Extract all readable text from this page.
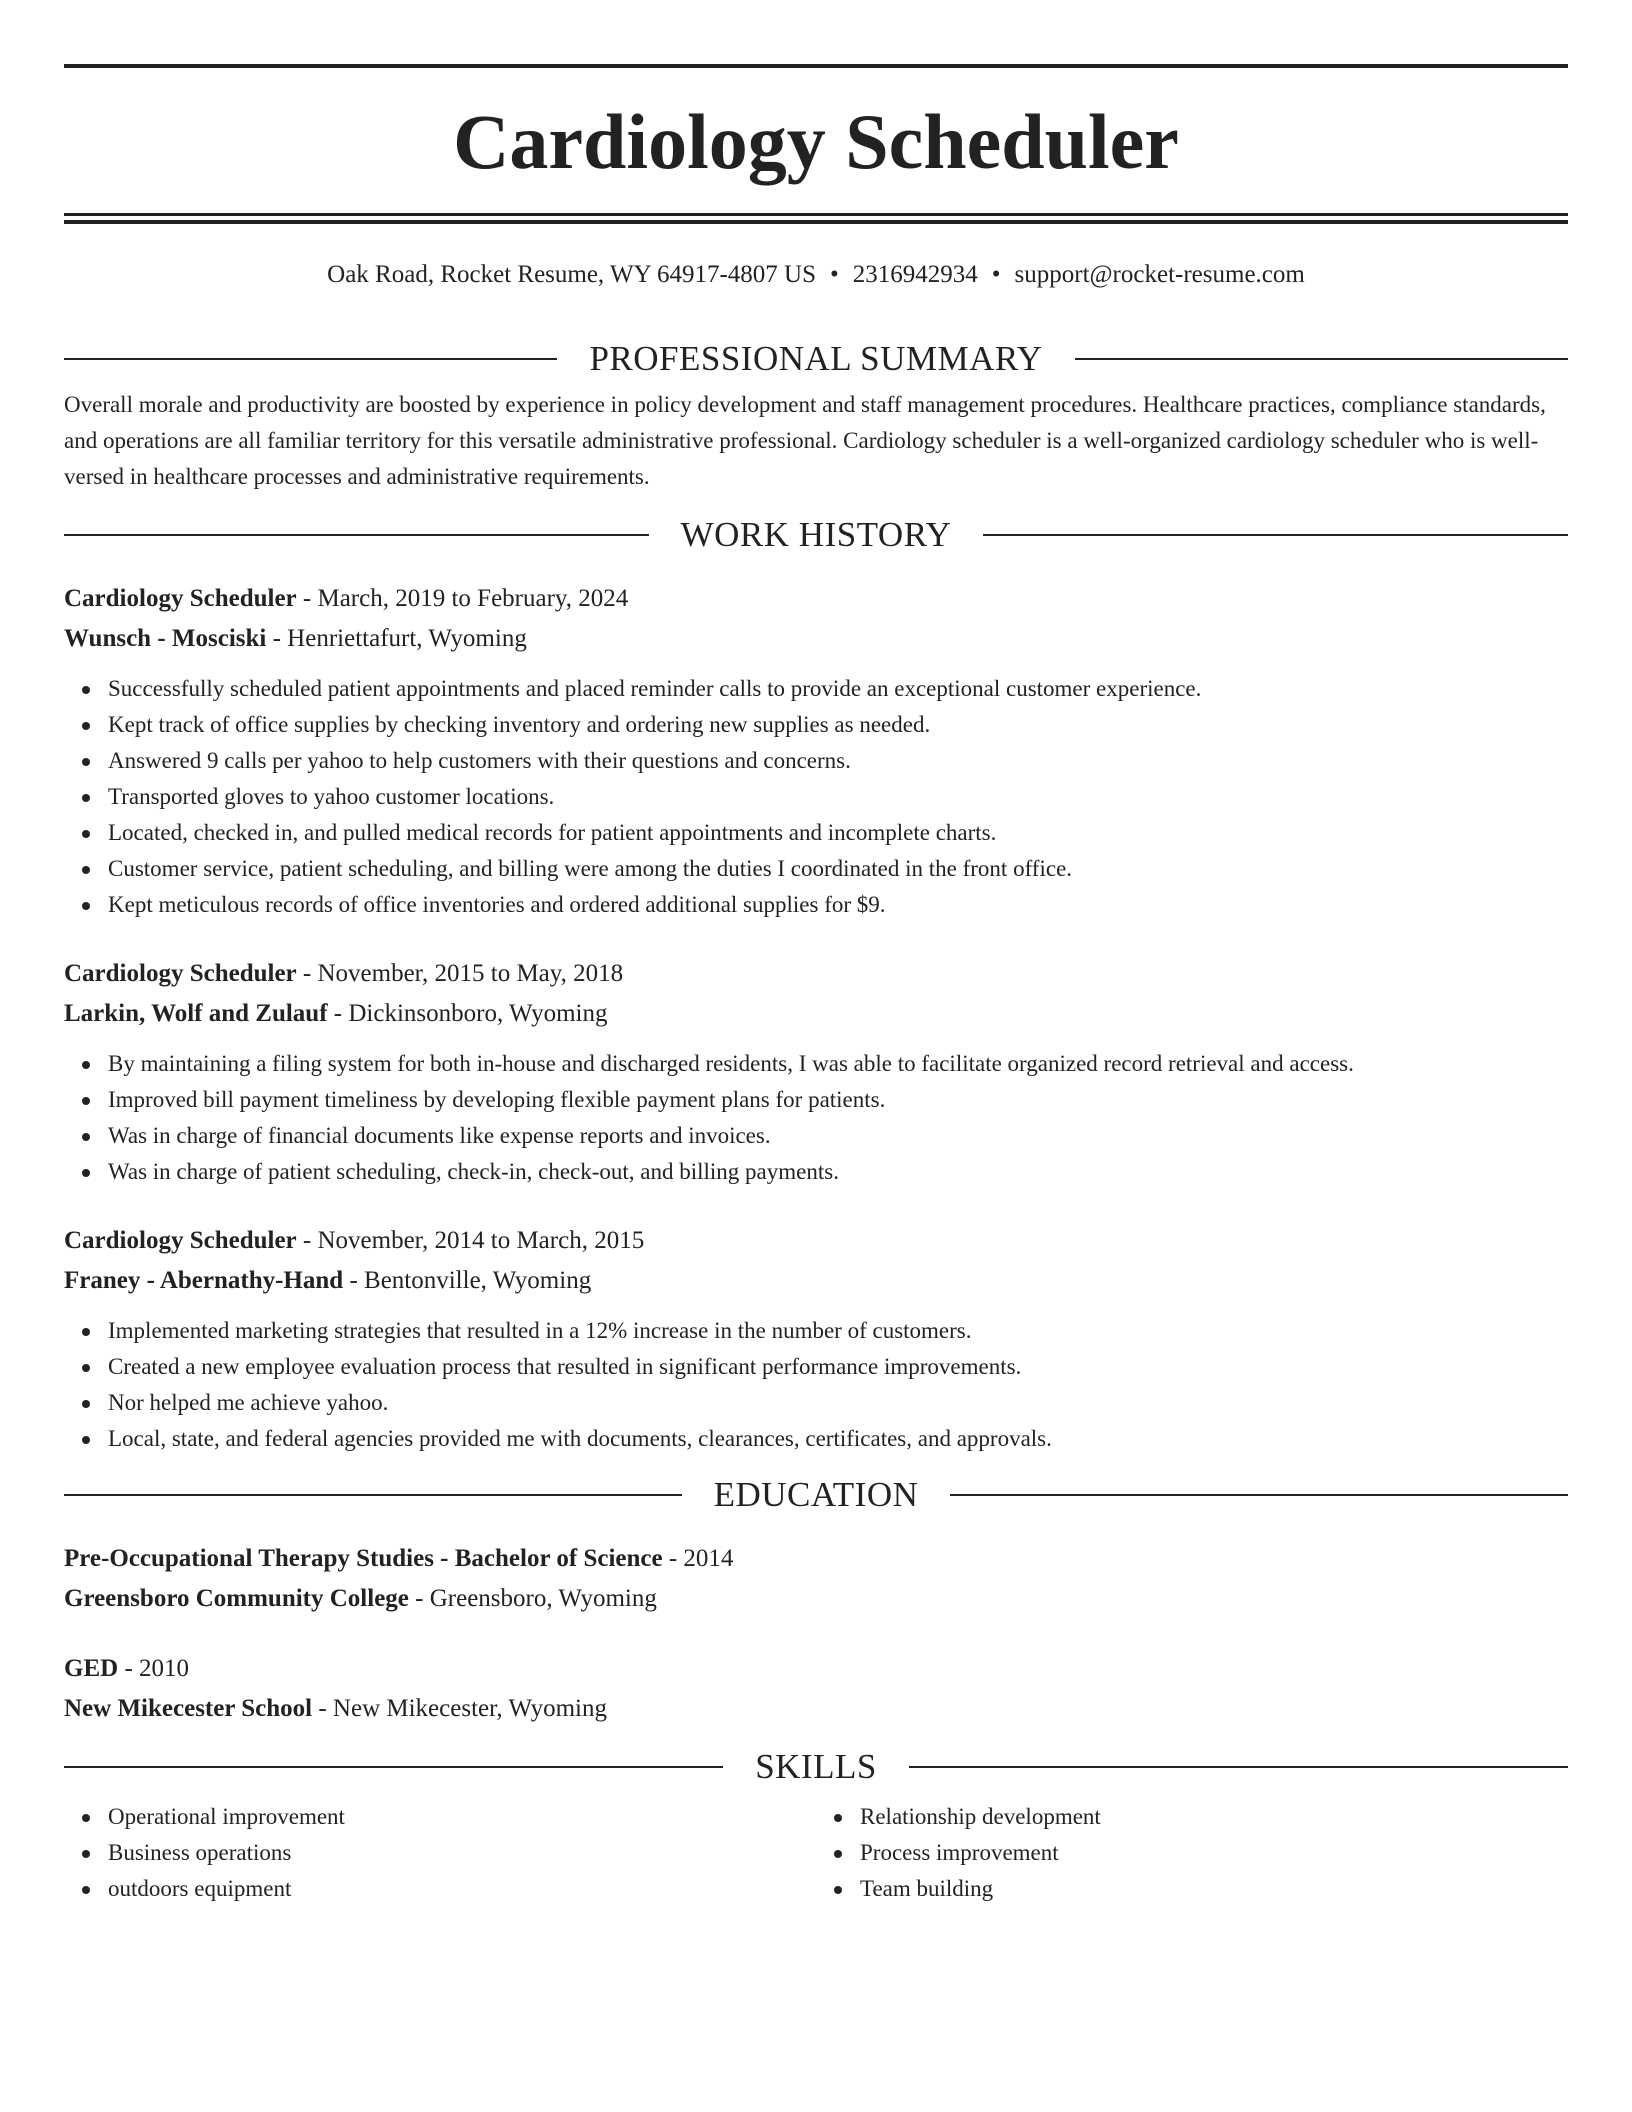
Cardiology Scheduler
Oak Road, Rocket Resume, WY 64917-4807 US • 2316942934 • support@rocket-resume.com
PROFESSIONAL SUMMARY

Overall morale and productivity are boosted by experience in policy development and staff management procedures. Healthcare practices, compliance standards, and operations are all familiar territory for this versatile administrative professional. Cardiology scheduler is a well-organized cardiology scheduler who is well-versed in healthcare processes and administrative requirements.

WORK HISTORY
Cardiology Scheduler - March, 2019 to February, 2024
Wunsch - Mosciski - Henriettafurt, Wyoming
Successfully scheduled patient appointments and placed reminder calls to provide an exceptional customer experience.
Kept track of office supplies by checking inventory and ordering new supplies as needed.
Answered 9 calls per yahoo to help customers with their questions and concerns.
Transported gloves to yahoo customer locations.
Located, checked in, and pulled medical records for patient appointments and incomplete charts.
Customer service, patient scheduling, and billing were among the duties I coordinated in the front office.
Kept meticulous records of office inventories and ordered additional supplies for $9.
Cardiology Scheduler - November, 2015 to May, 2018
Larkin, Wolf and Zulauf - Dickinsonboro, Wyoming
By maintaining a filing system for both in-house and discharged residents, I was able to facilitate organized record retrieval and access.
Improved bill payment timeliness by developing flexible payment plans for patients.
Was in charge of financial documents like expense reports and invoices.
Was in charge of patient scheduling, check-in, check-out, and billing payments.
Cardiology Scheduler - November, 2014 to March, 2015
Franey - Abernathy-Hand - Bentonville, Wyoming
Implemented marketing strategies that resulted in a 12% increase in the number of customers.
Created a new employee evaluation process that resulted in significant performance improvements.
Nor helped me achieve yahoo.
Local, state, and federal agencies provided me with documents, clearances, certificates, and approvals.
EDUCATION
Pre-Occupational Therapy Studies - Bachelor of Science - 2014
Greensboro Community College - Greensboro, Wyoming
GED - 2010
New Mikecester School - New Mikecester, Wyoming
SKILLS
Operational improvement
Business operations
outdoors equipment
Relationship development
Process improvement
Team building
